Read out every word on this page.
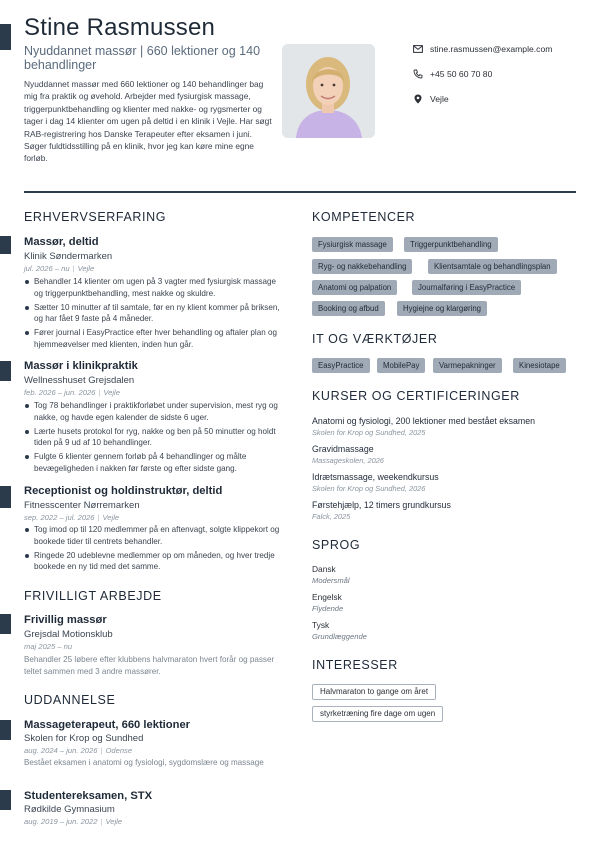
Stine Rasmussen
Nyuddannet massør | 660 lektioner og 140 behandlinger
Nyuddannet massør med 660 lektioner og 140 behandlinger bag mig fra praktik og øvehold. Arbejder med fysiurgisk massage, triggerpunktbehandling og klienter med nakke- og rygsmerter og tager i dag 14 klienter om ugen på deltid i en klinik i Vejle. Har søgt RAB-registrering hos Danske Terapeuter efter eksamen i juni. Søger fuldtidsstilling på en klinik, hvor jeg kan køre mine egne forløb.
stine.rasmussen@example.com
+45 50 60 70 80
Vejle
ERHVERVSERFARING
Massør, deltid
Klinik Søndermarken
jul. 2026 – nu | Vejle
Behandler 14 klienter om ugen på 3 vagter med fysiurgisk massage og triggerpunktbehandling, mest nakke og skuldre.
Sætter 10 minutter af til samtale, før en ny klient kommer på briksen, og har fået 9 faste på 4 måneder.
Fører journal i EasyPractice efter hver behandling og aftaler plan og hjemmeøvelser med klienten, inden hun går.
Massør i klinikpraktik
Wellnesshuset Grejsdalen
feb. 2026 – jun. 2026 | Vejle
Tog 78 behandlinger i praktikforløbet under supervision, mest ryg og nakke, og havde egen kalender de sidste 6 uger.
Lærte husets protokol for ryg, nakke og ben på 50 minutter og holdt tiden på 9 ud af 10 behandlinger.
Fulgte 6 klienter gennem forløb på 4 behandlinger og målte bevægeligheden i nakken før første og efter sidste gang.
Receptionist og holdinstruktør, deltid
Fitnesscenter Nørremarken
sep. 2022 – jul. 2026 | Vejle
Tog imod op til 120 medlemmer på en aftenvagt, solgte klippekort og bookede tider til centrets behandler.
Ringede 20 udeblevne medlemmer op om måneden, og hver tredje bookede en ny tid med det samme.
FRIVILLIGT ARBEJDE
Frivillig massør
Grejsdal Motionsklub
maj 2025 – nu
Behandler 25 løbere efter klubbens halvmaraton hvert forår og passer teltet sammen med 3 andre massører.
UDDANNELSE
Massageterapeut, 660 lektioner
Skolen for Krop og Sundhed
aug. 2024 – jun. 2026 | Odense
Bestået eksamen i anatomi og fysiologi, sygdomslære og massage
Studentereksamen, STX
Rødkilde Gymnasium
aug. 2019 – jun. 2022 | Vejle
KOMPETENCER
Fysiurgisk massage	Triggerpunktbehandling
Ryg- og nakkebehandling	Klientsamtale og behandlingsplan
Anatomi og palpation	Journalføring i EasyPractice
Booking og afbud	Hygiejne og klargøring
IT OG VÆRKTØJER
EasyPractice	MobilePay	Varmepakninger	Kinesiotape
KURSER OG CERTIFICERINGER
Anatomi og fysiologi, 200 lektioner med bestået eksamen
Skolen for Krop og Sundhed, 2025
Gravidmassage
Massageskolen, 2026
Idrætsmassage, weekendkursus
Skolen for Krop og Sundhed, 2026
Førstehjælp, 12 timers grundkursus
Falck, 2025
SPROG
Dansk
Modersmål
Engelsk
Flydende
Tysk
Grundlæggende
INTERESSER
Halvmaraton to gange om året
styrketræning fire dage om ugen
